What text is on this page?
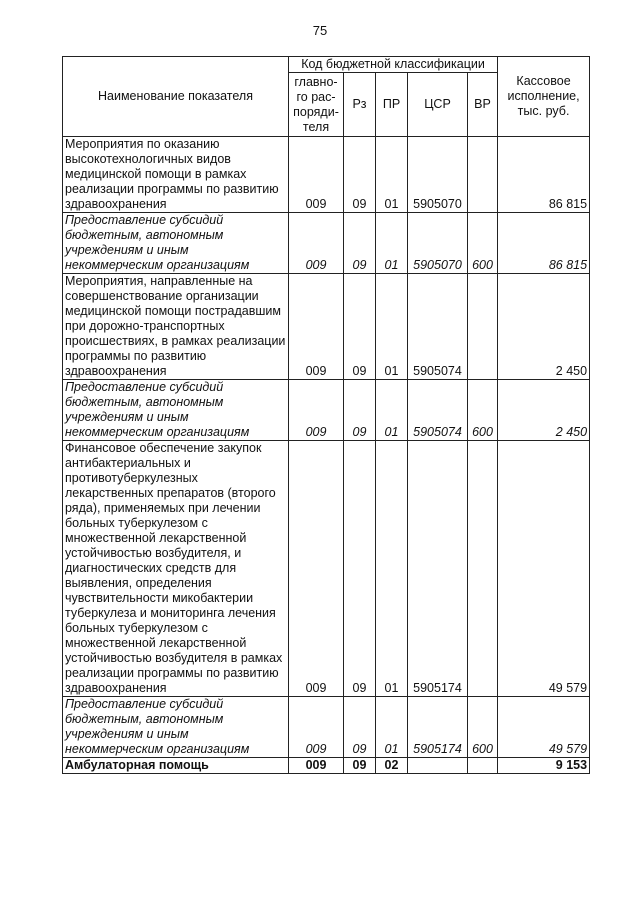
75
Наименование показателя	Код бюджетной классификации					Кассовое
исполнение,
тыс. руб.

	главно-
го рас-
поряди-
теля	Рз	ПР	ЦСР	ВР	
Мероприятия по оказанию высокотехнологичных видов медицинской помощи в рамках реализации программы по развитию здравоохранения	009	09	01	5905070		86 815
Предоставление субсидий бюджетным, автономным учреждениям и иным некоммерческим организациям	009	09	01	5905070	600	86 815
Мероприятия, направленные на совершенствование организации медицинской помощи пострадавшим при дорожно-транспортных происшествиях, в рамках реализации программы по развитию здравоохранения	009	09	01	5905074		2 450
Предоставление субсидий бюджетным, автономным учреждениям и иным некоммерческим организациям	009	09	01	5905074	600	2 450
Финансовое обеспечение закупок антибактериальных и противотуберкулезных лекарственных препаратов (второго ряда), применяемых при лечении больных туберкулезом с множественной лекарственной устойчивостью возбудителя, и диагностических средств для выявления, определения чувствительности микобактерии туберкулеза и мониторинга лечения больных туберкулезом с множественной лекарственной устойчивостью возбудителя в рамках реализации программы по развитию здравоохранения	009	09	01	5905174		49 579
Предоставление субсидий бюджетным, автономным учреждениям и иным некоммерческим организациям	009	09	01	5905174	600	49 579
Амбулаторная помощь	009	09	02			9 153
